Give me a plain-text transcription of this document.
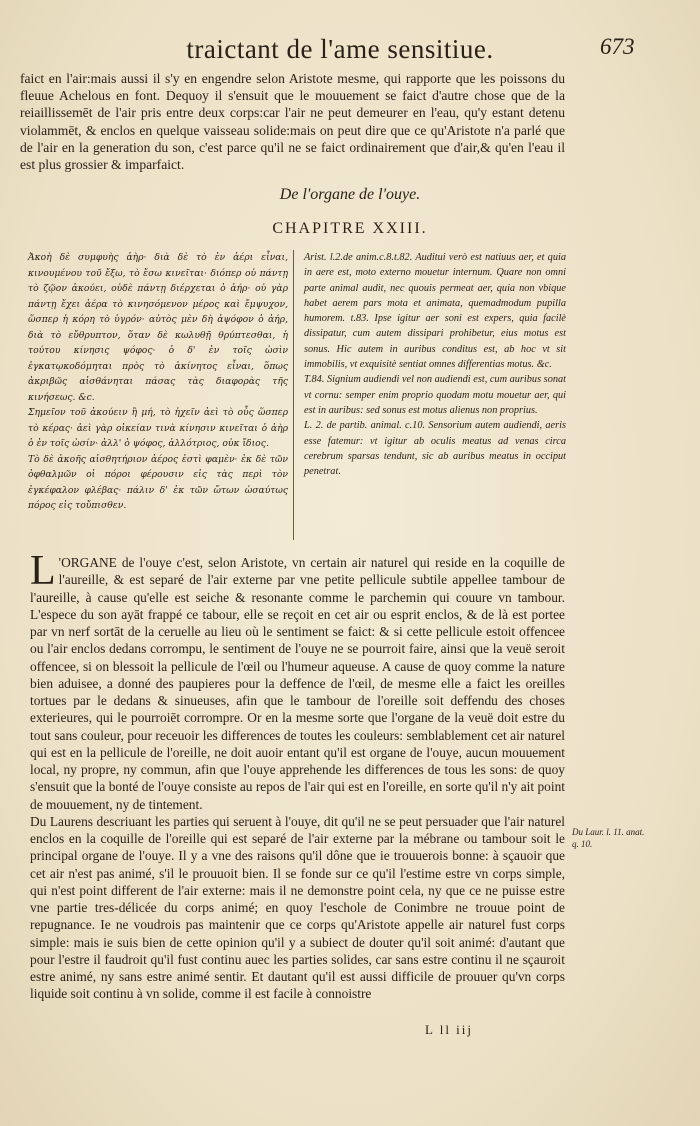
traictant de l'ame sensitiue.	673

faict en l'air:mais aussi il s'y en engendre selon Aristote mesme, qui rapporte que les poissons du fleuue Achelous en font. Dequoy il s'ensuit que le mouuement se faict d'autre chose que de la reiaillissemēt de l'air pris entre deux corps:car l'air ne peut demeurer en l'eau, qu'y estant detenu violammēt, & enclos en quelque vaisseau solide:mais on peut dire que ce qu'Aristote n'a parlé que de l'air en la generation du son, c'est parce qu'il ne se faict ordinairement que d'air,& qu'en l'eau il est plus grossier & imparfaict.

De l'organe de l'ouye.
CHAPITRE XXIII.

Ἀκοὴ δὲ συμφυὴς ἀὴρ· διὰ δὲ τὸ ἐν ἀέρι εἶναι, κινουμένου τοῦ ἔξω, τὸ ἔσω κινεῖται· διόπερ οὐ πάντῃ τὸ ζῷον ἀκούει, οὐδὲ πάντῃ διέρχεται ὁ ἀήρ· οὐ γὰρ πάντῃ ἔχει ἀέρα τὸ κινησόμενον μέρος καὶ ἔμψυχον, ὥσπερ ἡ κόρη τὸ ὑγρόν· αὐτὸς μὲν δὴ ἀψόφον ὁ ἀήρ, διὰ τὸ εὔθρυπτον, ὅταν δὲ κωλυθῇ θρύπτεσθαι, ἡ τούτου κίνησις ψόφος· ὁ δ' ἐν τοῖς ὠσὶν ἐγκατῳκοδόμηται πρὸς τὸ ἀκίνητος εἶναι, ὅπως ἀκριβῶς αἰσθάνηται πάσας τὰς διαφορὰς τῆς κινήσεως. &c.

Σημεῖον τοῦ ἀκούειν ἢ μή, τὸ ἠχεῖν ἀεὶ τὸ οὖς ὥσπερ τὸ κέρας· ἀεὶ γὰρ οἰκείαν τινὰ κίνησιν κινεῖται ὁ ἀὴρ ὁ ἐν τοῖς ὠσίν· ἀλλ' ὁ ψόφος, ἀλλότριος, οὐκ ἴδιος.

Τὸ δὲ ἀκοῆς αἰσθητήριον ἀέρος ἐστὶ φαμὲν· ἐκ δὲ τῶν ὀφθαλμῶν οἱ πόροι φέρουσιν εἰς τὰς περὶ τὸν ἐγκέφαλον φλέβας· πάλιν δ' ἐκ τῶν ὤτων ὡσαύτως πόρος εἰς τοὔπισθεν.

Arist. l.2.de anim.c.8.t.82. Auditui verò est natiuus aer, et quia in aere est, moto externo mouetur internum. Quare non omni parte animal audit, nec quouis permeat aer, quia non vbique habet aerem pars mota et animata, quemadmodum pupilla humorem. t.83. Ipse igitur aer soni est expers, quia facilè dissipatur, cum autem dissipari prohibetur, eius motus est sonus. Hic autem in auribus conditus est, ab hoc vt sit immobilis, vt exquisitè sentiat omnes differentias motus. &c.

T.84. Signium audiendi vel non audiendi est, cum auribus sonat vt cornu: semper enim proprio quodam motu mouetur aer, qui est in auribus: sed sonus est motus alienus non proprius.

L. 2. de partib. animal. c.10. Sensorium autem audiendi, aeris esse fatemur: vt igitur ab oculis meatus ad venas circa cerebrum sparsas tendunt, sic ab auribus meatus in occiput penetrat.

L 'ORGANE de l'ouye c'est, selon Aristote, vn certain air naturel qui reside en la coquille de l'aureille, & est separé de l'air externe par vne petite pellicule subtile appellee tambour de l'aureille, à cause qu'elle est seiche & resonante comme le parchemin qui couure vn tambour. L'espece du son ayāt frappé ce tabour, elle se reçoit en cet air ou esprit enclos, & de là est portee par vn nerf sortāt de la ceruelle au lieu où le sentiment se faict: & si cette pellicule estoit offencee ou l'air enclos dedans corrompu, le sentiment de l'ouye ne se pourroit faire, ainsi que la veuë seroit offencee, si on blessoit la pellicule de l'œil ou l'humeur aqueuse. A cause de quoy comme la nature bien aduisee, a donné des paupieres pour la deffence de l'œil, de mesme elle a faict les oreilles tortues par le dedans & sinueuses, afin que le tambour de l'oreille soit deffendu des choses exterieures, qui le pourroiēt corrompre. Or en la mesme sorte que l'organe de la veuë doit estre du tout sans couleur, pour receuoir les differences de toutes les couleurs: semblablement cet air naturel qui est en la pellicule de l'oreille, ne doit auoir entant qu'il est organe de l'ouye, aucun mouuement local, ny propre, ny commun, afin que l'ouye apprehende les differences de tous les sons: de quoy s'ensuit que la bonté de l'ouye consiste au repos de l'air qui est en l'oreille, en sorte qu'il n'y ait point de mouuement, ny de tintement.

Du Laurens descriuant les parties qui seruent à l'ouye, dit qu'il ne se peut persuader que l'air naturel enclos en la coquille de l'oreille qui est separé de l'air externe par la mébrane ou tambour soit le principal organe de l'ouye. Il y a vne des raisons qu'il dône que ie trouuerois bonne: à sçauoir que cet air n'est pas animé, s'il le prouuoit bien. Il se fonde sur ce qu'il l'estime estre vn corps simple, qui n'est point different de l'air externe: mais il ne demonstre point cela, ny que ce ne puisse estre vne partie tres-délicée du corps animé; en quoy l'eschole de Conimbre ne trouue point de repugnance. Ie ne voudrois pas maintenir que ce corps qu'Aristote appelle air naturel fust corps simple: mais ie suis bien de cette opinion qu'il y a subiect de douter qu'il soit animé: d'autant que pour l'estre il faudroit qu'il fust continu auec les parties solides, car sans estre continu il ne sçauroit estre animé, ny sans estre animé sentir. Et dautant qu'il est aussi difficile de prouuer qu'vn corps liquide soit continu à vn solide, comme il est facile à connoistre

Du Laur. l. 11. anat. q. 10.
L ll iij
